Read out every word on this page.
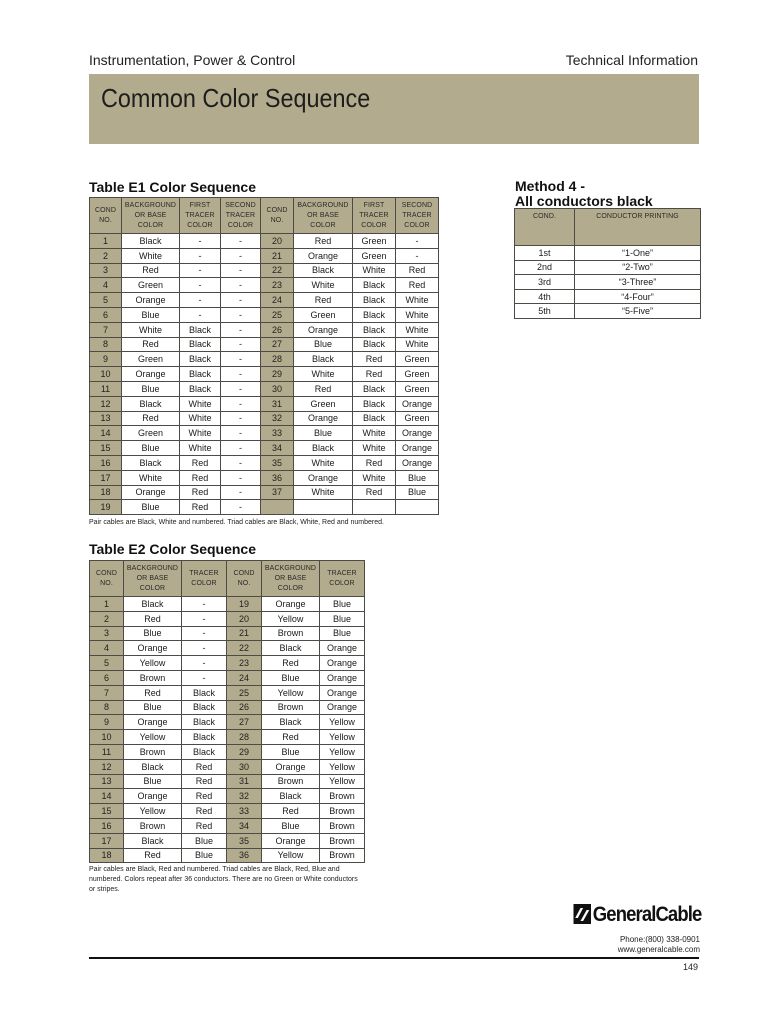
Instrumentation, Power & Control	Technical Information
Common Color Sequence
Table E1 Color Sequence
COND NO.	BACKGROUND OR BASE COLOR	FIRST TRACER COLOR	SECOND TRACER COLOR	COND NO.	BACKGROUND OR BASE COLOR	FIRST TRACER COLOR	SECOND TRACER COLOR
1	Black	-	-	20	Red	Green	-
2	White	-	-	21	Orange	Green	-
3	Red	-	-	22	Black	White	Red
4	Green	-	-	23	White	Black	Red
5	Orange	-	-	24	Red	Black	White
6	Blue	-	-	25	Green	Black	White
7	White	Black	-	26	Orange	Black	White
8	Red	Black	-	27	Blue	Black	White
9	Green	Black	-	28	Black	Red	Green
10	Orange	Black	-	29	White	Red	Green
11	Blue	Black	-	30	Red	Black	Green
12	Black	White	-	31	Green	Black	Orange
13	Red	White	-	32	Orange	Black	Green
14	Green	White	-	33	Blue	White	Orange
15	Blue	White	-	34	Black	White	Orange
16	Black	Red	-	35	White	Red	Orange
17	White	Red	-	36	Orange	White	Blue
18	Orange	Red	-	37	White	Red	Blue
19	Blue	Red	-				
Pair cables are Black, White and numbered. Triad cables are Black, White, Red and numbered.
Table E2 Color Sequence
COND NO.	BACKGROUND OR BASE COLOR	TRACER COLOR	COND NO.	BACKGROUND OR BASE COLOR	TRACER COLOR
1	Black	-	19	Orange	Blue
2	Red	-	20	Yellow	Blue
3	Blue	-	21	Brown	Blue
4	Orange	-	22	Black	Orange
5	Yellow	-	23	Red	Orange
6	Brown	-	24	Blue	Orange
7	Red	Black	25	Yellow	Orange
8	Blue	Black	26	Brown	Orange
9	Orange	Black	27	Black	Yellow
10	Yellow	Black	28	Red	Yellow
11	Brown	Black	29	Blue	Yellow
12	Black	Red	30	Orange	Yellow
13	Blue	Red	31	Brown	Yellow
14	Orange	Red	32	Black	Brown
15	Yellow	Red	33	Red	Brown
16	Brown	Red	34	Blue	Brown
17	Black	Blue	35	Orange	Brown
18	Red	Blue	36	Yellow	Brown
Pair cables are Black, Red and numbered. Triad cables are Black, Red, Blue and numbered. Colors repeat after 36 conductors. There are no Green or White conductors or stripes.
Method 4 -
All conductors black
COND.	CONDUCTOR PRINTING
1st	“1-One”
2nd	“2-Two”
3rd	“3-Three”
4th	“4-Four”
5th	“5-Five”
GeneralCable
Phone:(800) 338-0901
www.generalcable.com
149
